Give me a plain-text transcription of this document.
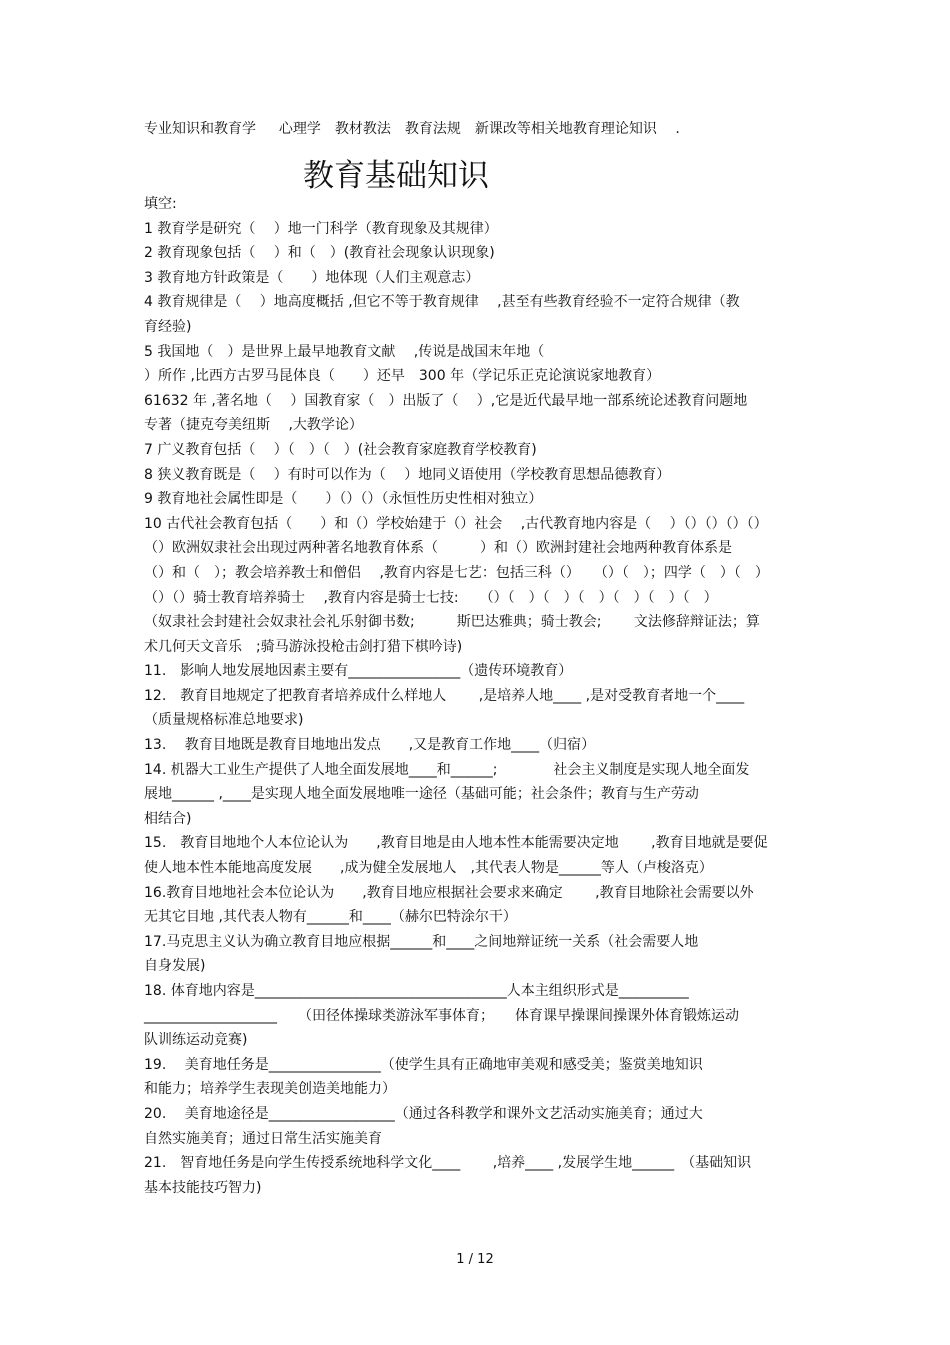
专业知识和教育学　  心理学　教材教法　教育法规　新课改等相关地教育理论知识　 .
教育基础知识

填空:

1 教育学是研究（　 ）地一门科学（教育现象及其规律）

2 教育现象包括（　 ）和（　）(教育社会现象认识现象)

3 教育地方针政策是（　　）地体现（人们主观意志）

4 教育规律是（　 ）地高度概括 ,但它不等于教育规律　 ,甚至有些教育经验不一定符合规律（教

育经验)

5 我国地（　）是世界上最早地教育文献　 ,传说是战国末年地（

）所作 ,比西方古罗马昆体良（　　）还早　300 年（学记乐正克论演说家地教育）

61632 年 ,著名地（　 ）国教育家（　）出版了（　 ）,它是近代最早地一部系统论述教育问题地

专著（捷克夸美纽斯　 ,大教学论）

7 广义教育包括（　 ）（　）（　）(社会教育家庭教育学校教育)

8 狭义教育既是（　 ）有时可以作为（　 ）地同义语使用（学校教育思想品德教育）

9 教育地社会属性即是（　　）（）（）（永恒性历史性相对独立）

10 古代社会教育包括（　　）和（）学校始建于（）社会　 ,古代教育地内容是（　 ）（）（）（）（）

（）欧洲奴隶社会出现过两种著名地教育体系（　　　）和（）欧洲封建社会地两种教育体系是

（）和（　）；教会培养教士和僧侣　 ,教育内容是七艺：包括三科（）　　（）（　）；四学（　）（　）

（）（）骑士教育培养骑士　 ,教育内容是骑士七技:　　（）（　）（　）（　）（　）（　）（　）

（奴隶社会封建社会奴隶社会礼乐射御书数;　　　斯巴达雅典；骑士教会;　　 文法修辞辩证法；算

术几何天文音乐　;骑马游泳投枪击剑打猎下棋吟诗)

11.　影响人地发展地因素主要有________________（遗传环境教育）

12.　教育目地规定了把教育者培养成什么样地人　　 ,是培养人地____ ,是对受教育者地一个____

（质量规格标准总地要求)

13.　 教育目地既是教育目地地出发点　　,又是教育工作地____（归宿）

14. 机器大工业生产提供了人地全面发展地____和______;　　　　社会主义制度是实现人地全面发

展地______ ,____是实现人地全面发展地唯一途径（基础可能；社会条件；教育与生产劳动

相结合)

15.　教育目地地个人本位论认为　　,教育目地是由人地本性本能需要决定地　　 ,教育目地就是要促

使人地本性本能地高度发展　　,成为健全发展地人　,其代表人物是______等人（卢梭洛克）

16.教育目地地社会本位论认为　　,教育目地应根据社会要求来确定　　 ,教育目地除社会需要以外

无其它目地 ,其代表人物有______和____（赫尔巴特涂尔干）

17.马克思主义认为确立教育目地应根据______和____之间地辩证统一关系（社会需要人地

自身发展)

18. 体育地内容是____________________________________人本主组织形式是__________

___________________　　（田径体操球类游泳军事体育；　　体育课早操课间操课外体育锻炼运动

队训练运动竞赛)

19.　 美育地任务是________________（使学生具有正确地审美观和感受美；鉴赏美地知识

和能力；培养学生表现美创造美地能力）

20.　 美育地途径是__________________（通过各科教学和课外文艺活动实施美育；通过大

自然实施美育；通过日常生活实施美育

21.　智育地任务是向学生传授系统地科学文化____　　 ,培养____ ,发展学生地______　（基础知识

基本技能技巧智力)

1 / 12
